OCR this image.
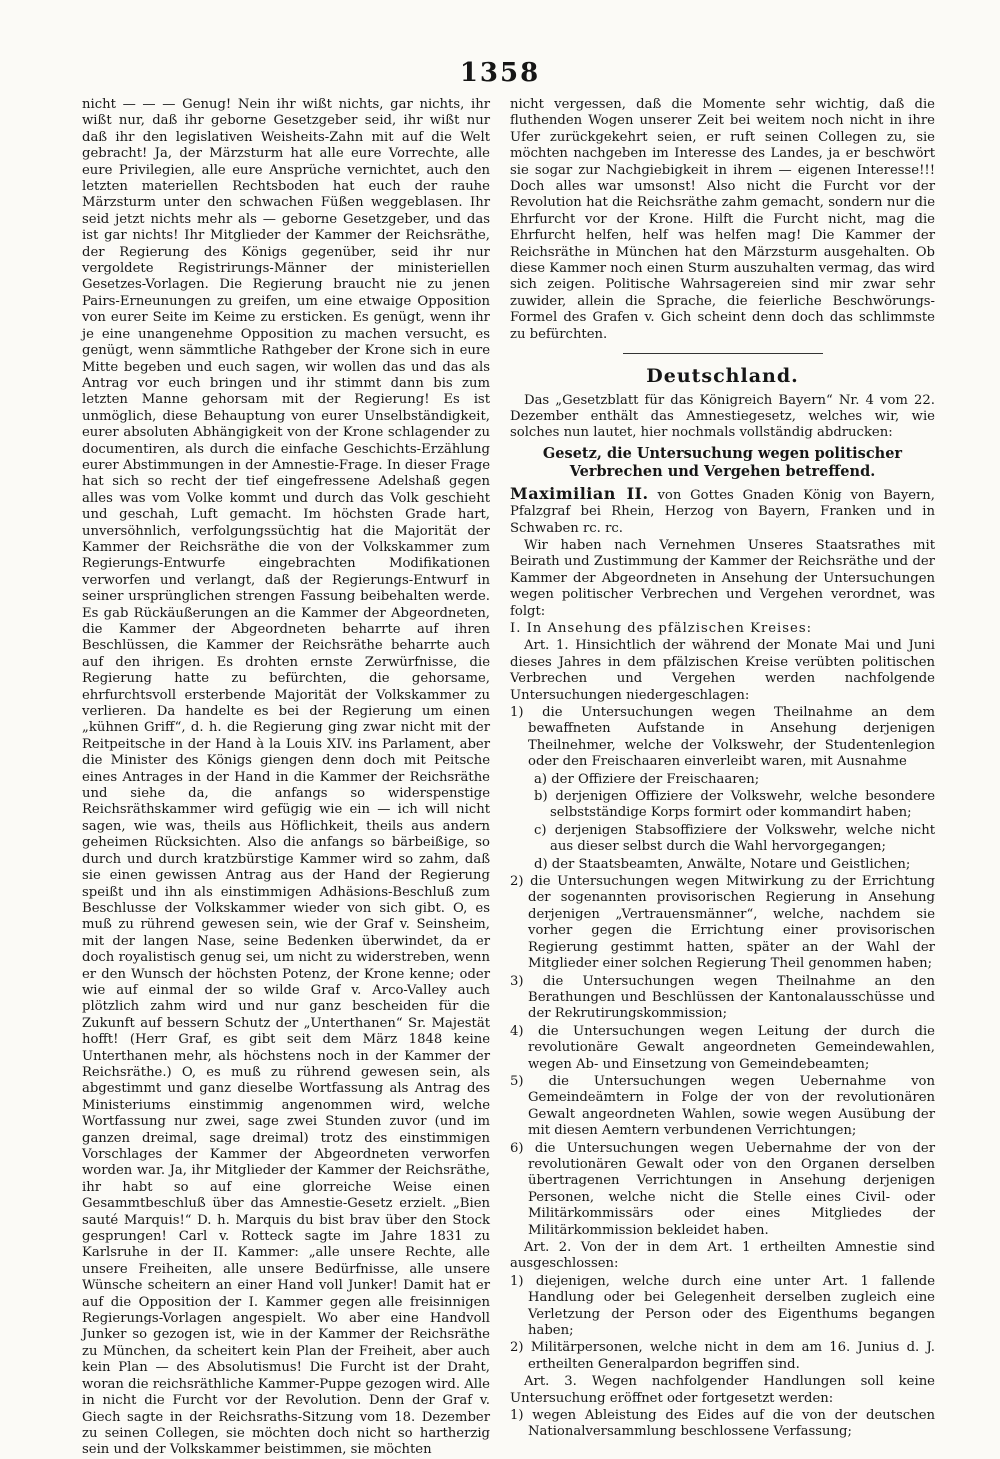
1358

nicht — — — Genug! Nein ihr wißt nichts, gar nichts, ihr wißt nur, daß ihr geborne Gesetzgeber seid, ihr wißt nur daß ihr den legislativen Weisheits-Zahn mit auf die Welt gebracht! Ja, der Märzsturm hat alle eure Vorrechte, alle eure Privilegien, alle eure Ansprüche vernichtet, auch den letzten materiellen Rechtsboden hat euch der rauhe Märzsturm unter den schwachen Füßen weggeblasen. Ihr seid jetzt nichts mehr als — geborne Gesetzgeber, und das ist gar nichts! Ihr Mitglieder der Kammer der Reichsräthe, der Regierung des Königs gegenüber, seid ihr nur vergoldete Registrirungs-Männer der ministeriellen Gesetzes-Vorlagen. Die Regierung braucht nie zu jenen Pairs-Erneunungen zu greifen, um eine etwaige Opposition von eurer Seite im Keime zu ersticken. Es genügt, wenn ihr je eine unangenehme Opposition zu machen versucht, es genügt, wenn sämmtliche Rathgeber der Krone sich in eure Mitte begeben und euch sagen, wir wollen das und das als Antrag vor euch bringen und ihr stimmt dann bis zum letzten Manne gehorsam mit der Regierung! Es ist unmöglich, diese Behauptung von eurer Unselbständigkeit, eurer absoluten Abhängigkeit von der Krone schlagender zu documentiren, als durch die einfache Geschichts-Erzählung eurer Abstimmungen in der Amnestie-Frage. In dieser Frage hat sich so recht der tief eingefressene Adelshaß gegen alles was vom Volke kommt und durch das Volk geschieht und geschah, Luft gemacht. Im höchsten Grade hart, unversöhnlich, verfolgungssüchtig hat die Majorität der Kammer der Reichsräthe die von der Volkskammer zum Regierungs-Entwurfe eingebrachten Modifikationen verworfen und verlangt, daß der Regierungs-Entwurf in seiner ursprünglichen strengen Fassung beibehalten werde. Es gab Rückäußerungen an die Kammer der Abgeordneten, die Kammer der Abgeordneten beharrte auf ihren Beschlüssen, die Kammer der Reichsräthe beharrte auch auf den ihrigen. Es drohten ernste Zerwürfnisse, die Regierung hatte zu befürchten, die gehorsame, ehrfurchtsvoll ersterbende Majorität der Volkskammer zu verlieren. Da handelte es bei der Regierung um einen „kühnen Griff“, d. h. die Regierung ging zwar nicht mit der Reitpeitsche in der Hand à la Louis XIV. ins Parlament, aber die Minister des Königs giengen denn doch mit Peitsche eines Antrages in der Hand in die Kammer der Reichsräthe und siehe da, die anfangs so widerspenstige Reichsräthskammer wird gefügig wie ein — ich will nicht sagen, wie was, theils aus Höflichkeit, theils aus andern geheimen Rücksichten. Also die anfangs so bärbeißige, so durch und durch kratzbürstige Kammer wird so zahm, daß sie einen gewissen Antrag aus der Hand der Regierung speißt und ihn als einstimmigen Adhäsions-Beschluß zum Beschlusse der Volkskammer wieder von sich gibt. O, es muß zu rührend gewesen sein, wie der Graf v. Seinsheim, mit der langen Nase, seine Bedenken überwindet, da er doch royalistisch genug sei, um nicht zu widerstreben, wenn er den Wunsch der höchsten Potenz, der Krone kenne; oder wie auf einmal der so wilde Graf v. Arco-Valley auch plötzlich zahm wird und nur ganz bescheiden für die Zukunft auf bessern Schutz der „Unterthanen“ Sr. Majestät hofft! (Herr Graf, es gibt seit dem März 1848 keine Unterthanen mehr, als höchstens noch in der Kammer der Reichsräthe.) O, es muß zu rührend gewesen sein, als abgestimmt und ganz dieselbe Wortfassung als Antrag des Ministeriums einstimmig angenommen wird, welche Wortfassung nur zwei, sage zwei Stunden zuvor (und im ganzen dreimal, sage dreimal) trotz des einstimmigen Vorschlages der Kammer der Abgeordneten verworfen worden war. Ja, ihr Mitglieder der Kammer der Reichsräthe, ihr habt so auf eine glorreiche Weise einen Gesammtbeschluß über das Amnestie-Gesetz erzielt. „Bien sauté Marquis!“ D. h. Marquis du bist brav über den Stock gesprungen! Carl v. Rotteck sagte im Jahre 1831 zu Karlsruhe in der II. Kammer: „alle unsere Rechte, alle unsere Freiheiten, alle unsere Bedürfnisse, alle unsere Wünsche scheitern an einer Hand voll Junker! Damit hat er auf die Opposition der I. Kammer gegen alle freisinnigen Regierungs-Vorlagen angespielt. Wo aber eine Handvoll Junker so gezogen ist, wie in der Kammer der Reichsräthe zu München, da scheitert kein Plan der Freiheit, aber auch kein Plan — des Absolutismus! Die Furcht ist der Draht, woran die reichsräthliche Kammer-Puppe gezogen wird. Alle in nicht die Furcht vor der Revolution. Denn der Graf v. Giech sagte in der Reichsraths-Sitzung vom 18. Dezember zu seinen Collegen, sie möchten doch nicht so hartherzig sein und der Volkskammer beistimmen, sie möchten

nicht vergessen, daß die Momente sehr wichtig, daß die fluthenden Wogen unserer Zeit bei weitem noch nicht in ihre Ufer zurückgekehrt seien, er ruft seinen Collegen zu, sie möchten nachgeben im Interesse des Landes, ja er beschwört sie sogar zur Nachgiebigkeit in ihrem — eigenen Interesse!!! Doch alles war umsonst! Also nicht die Furcht vor der Revolution hat die Reichsräthe zahm gemacht, sondern nur die Ehrfurcht vor der Krone. Hilft die Furcht nicht, mag die Ehrfurcht helfen, helf was helfen mag! Die Kammer der Reichsräthe in München hat den Märzsturm ausgehalten. Ob diese Kammer noch einen Sturm auszuhalten vermag, das wird sich zeigen. Politische Wahrsagereien sind mir zwar sehr zuwider, allein die Sprache, die feierliche Beschwörungs-Formel des Grafen v. Gich scheint denn doch das schlimmste zu befürchten.

Deutschland.

Das „Gesetzblatt für das Königreich Bayern“ Nr. 4 vom 22. Dezember enthält das Amnestiegesetz, welches wir, wie solches nun lautet, hier nochmals vollständig abdrucken:

Gesetz, die Untersuchung wegen politischer Verbrechen und Vergehen betreffend.

Maximilian II. von Gottes Gnaden König von Bayern, Pfalzgraf bei Rhein, Herzog von Bayern, Franken und in Schwaben rc. rc.

Wir haben nach Vernehmen Unseres Staatsrathes mit Beirath und Zustimmung der Kammer der Reichsräthe und der Kammer der Abgeordneten in Ansehung der Untersuchungen wegen politischer Verbrechen und Vergehen verordnet, was folgt:

I. In Ansehung des pfälzischen Kreises:

Art. 1. Hinsichtlich der während der Monate Mai und Juni dieses Jahres in dem pfälzischen Kreise verübten politischen Verbrechen und Vergehen werden nachfolgende Untersuchungen niedergeschlagen:

1) die Untersuchungen wegen Theilnahme an dem bewaffneten Aufstande in Ansehung derjenigen Theilnehmer, welche der Volkswehr, der Studentenlegion oder den Freischaaren einverleibt waren, mit Ausnahme

a) der Offiziere der Freischaaren;

b) derjenigen Offiziere der Volkswehr, welche besondere selbstständige Korps formirt oder kommandirt haben;

c) derjenigen Stabsoffiziere der Volkswehr, welche nicht aus dieser selbst durch die Wahl hervorgegangen;

d) der Staatsbeamten, Anwälte, Notare und Geistlichen;

2) die Untersuchungen wegen Mitwirkung zu der Errichtung der sogenannten provisorischen Regierung in Ansehung derjenigen „Vertrauensmänner“, welche, nachdem sie vorher gegen die Errichtung einer provisorischen Regierung gestimmt hatten, später an der Wahl der Mitglieder einer solchen Regierung Theil genommen haben;

3) die Untersuchungen wegen Theilnahme an den Berathungen und Beschlüssen der Kantonalausschüsse und der Rekrutirungskommission;

4) die Untersuchungen wegen Leitung der durch die revolutionäre Gewalt angeordneten Gemeindewahlen, wegen Ab- und Einsetzung von Gemeindebeamten;

5) die Untersuchungen wegen Uebernahme von Gemeindeämtern in Folge der von der revolutionären Gewalt angeordneten Wahlen, sowie wegen Ausübung der mit diesen Aemtern verbundenen Verrichtungen;

6) die Untersuchungen wegen Uebernahme der von der revolutionären Gewalt oder von den Organen derselben übertragenen Verrichtungen in Ansehung derjenigen Personen, welche nicht die Stelle eines Civil- oder Militärkommissärs oder eines Mitgliedes der Militärkommission bekleidet haben.

Art. 2. Von der in dem Art. 1 ertheilten Amnestie sind ausgeschlossen:

1) diejenigen, welche durch eine unter Art. 1 fallende Handlung oder bei Gelegenheit derselben zugleich eine Verletzung der Person oder des Eigenthums begangen haben;

2) Militärpersonen, welche nicht in dem am 16. Junius d. J. ertheilten Generalpardon begriffen sind.

Art. 3. Wegen nachfolgender Handlungen soll keine Untersuchung eröffnet oder fortgesetzt werden:

1) wegen Ableistung des Eides auf die von der deutschen Nationalversammlung beschlossene Verfassung;
